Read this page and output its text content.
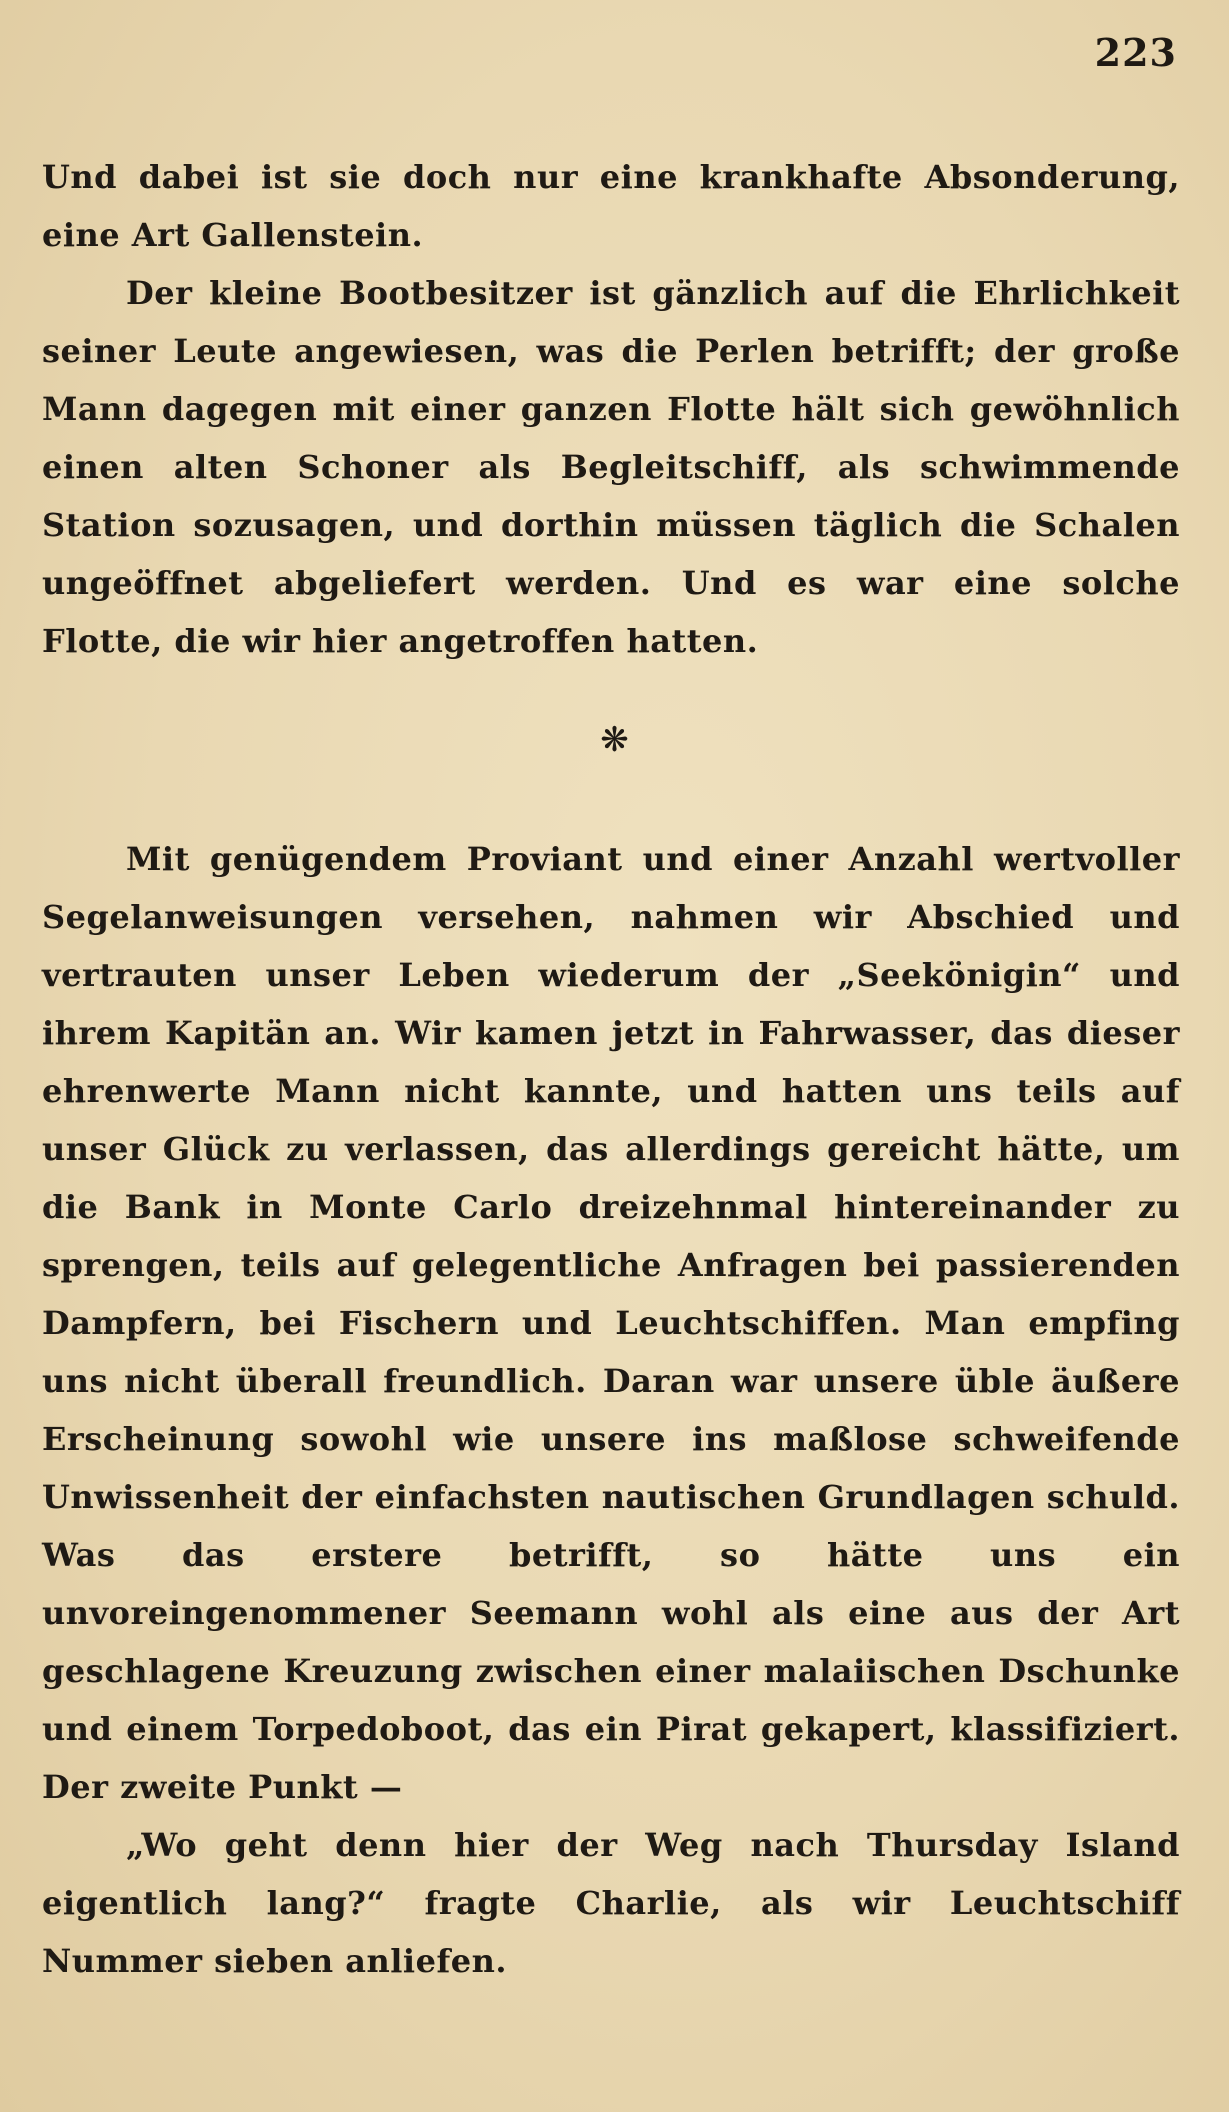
223

Und dabei ist sie doch nur eine krankhafte Absonderung, eine Art Gallenstein.

Der kleine Bootbesitzer ist gänzlich auf die Ehrlichkeit seiner Leute angewiesen, was die Perlen betrifft; der große Mann dagegen mit einer ganzen Flotte hält sich gewöhnlich einen alten Schoner als Begleitschiff, als schwimmende Station sozusagen, und dorthin müssen täglich die Schalen ungeöffnet abgeliefert werden. Und es war eine solche Flotte, die wir hier angetroffen hatten.

❋

Mit genügendem Proviant und einer Anzahl wertvoller Segelanweisungen versehen, nahmen wir Abschied und vertrauten unser Leben wiederum der „Seekönigin“ und ihrem Kapitän an. Wir kamen jetzt in Fahrwasser, das dieser ehrenwerte Mann nicht kannte, und hatten uns teils auf unser Glück zu verlassen, das allerdings gereicht hätte, um die Bank in Monte Carlo dreizehnmal hintereinander zu sprengen, teils auf gelegentliche Anfragen bei passierenden Dampfern, bei Fischern und Leuchtschiffen. Man empfing uns nicht überall freundlich. Daran war unsere üble äußere Erscheinung sowohl wie unsere ins maßlose schweifende Unwissenheit der einfachsten nautischen Grundlagen schuld. Was das erstere betrifft, so hätte uns ein unvoreingenommener Seemann wohl als eine aus der Art geschlagene Kreuzung zwischen einer malaiischen Dschunke und einem Torpedoboot, das ein Pirat gekapert, klassifiziert. Der zweite Punkt —

„Wo geht denn hier der Weg nach Thursday Island eigentlich lang?“ fragte Charlie, als wir Leuchtschiff Nummer sieben anliefen.
